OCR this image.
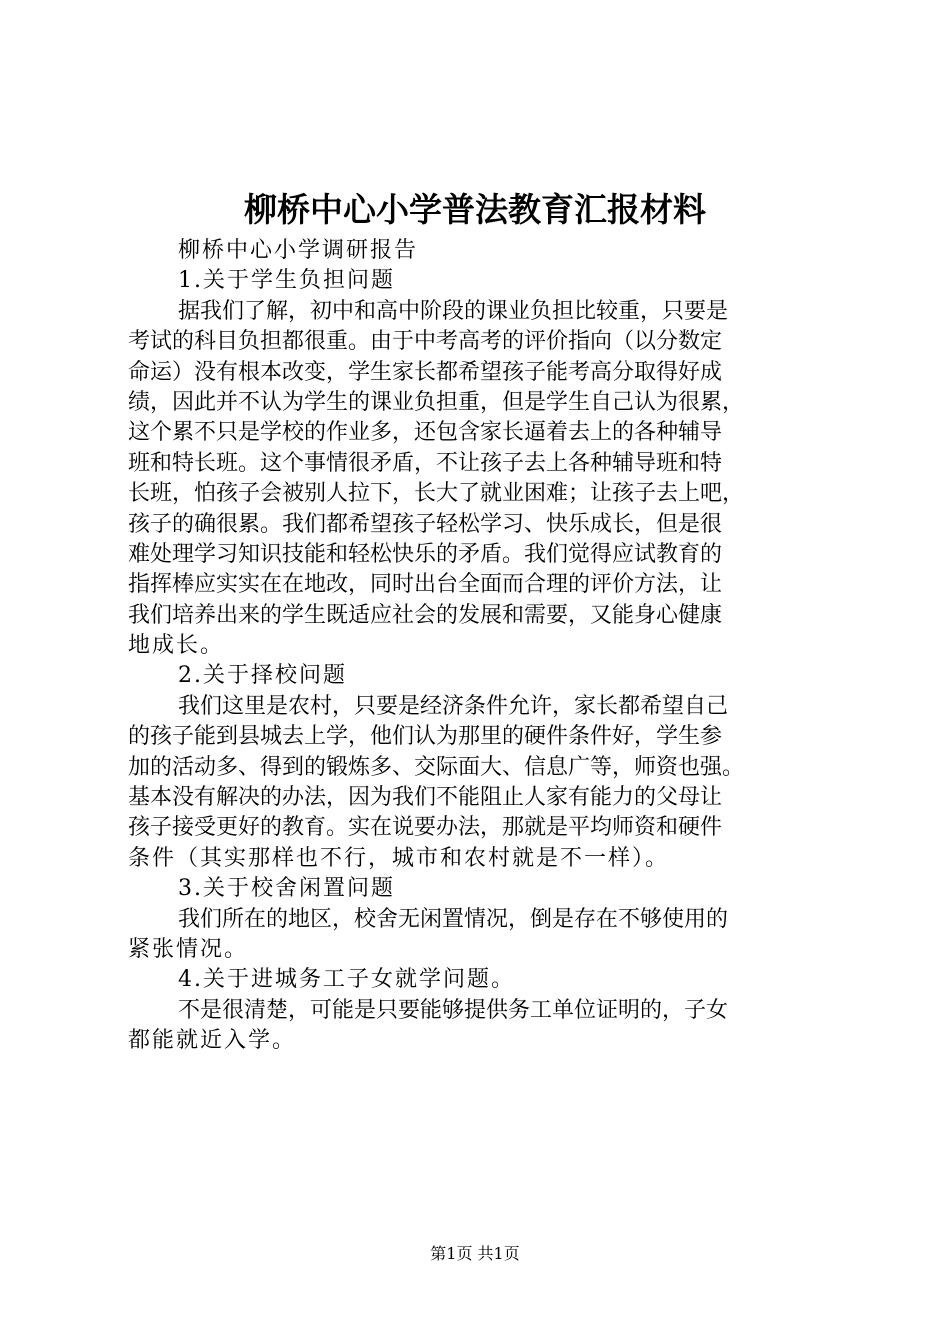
柳桥中心小学普法教育汇报材料
柳桥中心小学调研报告
1.关于学生负担问题
据我们了解，初中和高中阶段的课业负担比较重，只要是
考试的科目负担都很重。由于中考高考的评价指向（以分数定
命运）没有根本改变，学生家长都希望孩子能考高分取得好成
绩，因此并不认为学生的课业负担重，但是学生自己认为很累，
这个累不只是学校的作业多，还包含家长逼着去上的各种辅导
班和特长班。这个事情很矛盾，不让孩子去上各种辅导班和特
长班，怕孩子会被别人拉下，长大了就业困难；让孩子去上吧，
孩子的确很累。我们都希望孩子轻松学习、快乐成长，但是很
难处理学习知识技能和轻松快乐的矛盾。我们觉得应试教育的
指挥棒应实实在在地改，同时出台全面而合理的评价方法，让
我们培养出来的学生既适应社会的发展和需要，又能身心健康
地成长。
2.关于择校问题
我们这里是农村，只要是经济条件允许，家长都希望自己
的孩子能到县城去上学，他们认为那里的硬件条件好，学生参
加的活动多、得到的锻炼多、交际面大、信息广等，师资也强。
基本没有解决的办法，因为我们不能阻止人家有能力的父母让
孩子接受更好的教育。实在说要办法，那就是平均师资和硬件
条件（其实那样也不行，城市和农村就是不一样）。
3.关于校舍闲置问题
我们所在的地区，校舍无闲置情况，倒是存在不够使用的
紧张情况。
4.关于进城务工子女就学问题。
不是很清楚，可能是只要能够提供务工单位证明的，子女
都能就近入学。
第1页 共1页
